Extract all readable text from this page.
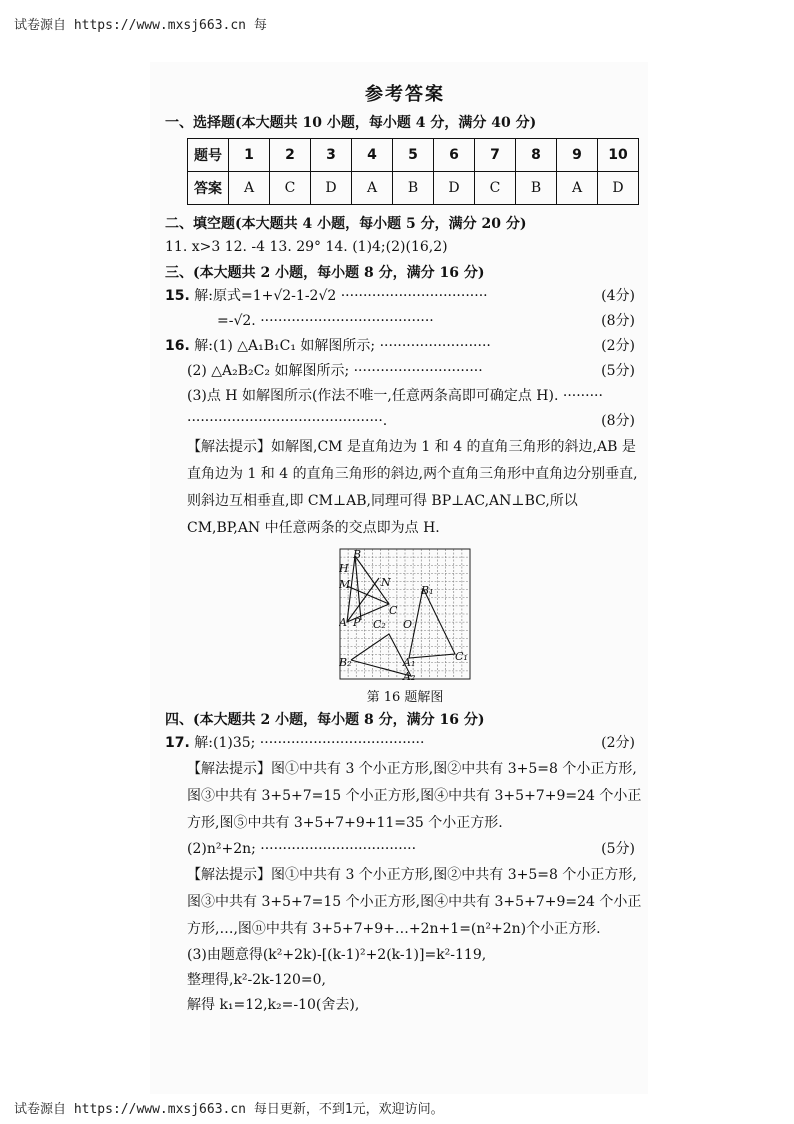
试卷源自 https://www.mxsj663.cn 每
参考答案
一、选择题(本大题共 10 小题，每小题 4 分，满分 40 分)
题号	1	2	3	4	5	6	7	8	9	10
答案	A	C	D	A	B	D	C	B	A	D
二、填空题(本大题共 4 小题，每小题 5 分，满分 20 分)
11. x>3 12. -4 13. 29° 14. (1)4;(2)(16,2)
三、(本大题共 2 小题，每小题 8 分，满分 16 分)
15. 解:原式=1+√2-1-2√2 ·································	(4分)
=-√2. ·······································	(8分)
16. 解:(1) △A₁B₁C₁ 如解图所示; ·························	(2分)
(2) △A₂B₂C₂ 如解图所示; ·····························	(5分)
(3)点 H 如解图所示(作法不唯一,任意两条高即可确定点 H). ·········
············································.	(8分)
【解法提示】如解图,CM 是直角边为 1 和 4 的直角三角形的斜边,AB 是直角边为 1 和 4 的直角三角形的斜边,两个直角三角形中直角边分别垂直,则斜边互相垂直,即 CM⊥AB,同理可得 BP⊥AC,AN⊥BC,所以 CM,BP,AN 中任意两条的交点即为点 H.
B
H
M	N
A P
C
C₂ O
B₁
A₁	C₁
A₂
B₂
第 16 题解图
四、(本大题共 2 小题，每小题 8 分，满分 16 分)
17. 解:(1)35; ·····································	(2分)
【解法提示】图①中共有 3 个小正方形,图②中共有 3+5=8 个小正方形,图③中共有 3+5+7=15 个小正方形,图④中共有 3+5+7+9=24 个小正方形,图⑤中共有 3+5+7+9+11=35 个小正方形.
(2)n²+2n; ···································	(5分)
【解法提示】图①中共有 3 个小正方形,图②中共有 3+5=8 个小正方形,图③中共有 3+5+7=15 个小正方形,图④中共有 3+5+7+9=24 个小正方形,…,图ⓝ中共有 3+5+7+9+…+2n+1=(n²+2n)个小正方形.
(3)由题意得(k²+2k)-[(k-1)²+2(k-1)]=k²-119,
整理得,k²-2k-120=0,
解得 k₁=12,k₂=-10(舍去),
试卷源自 https://www.mxsj663.cn 每日更新，不到1元，欢迎访问。
